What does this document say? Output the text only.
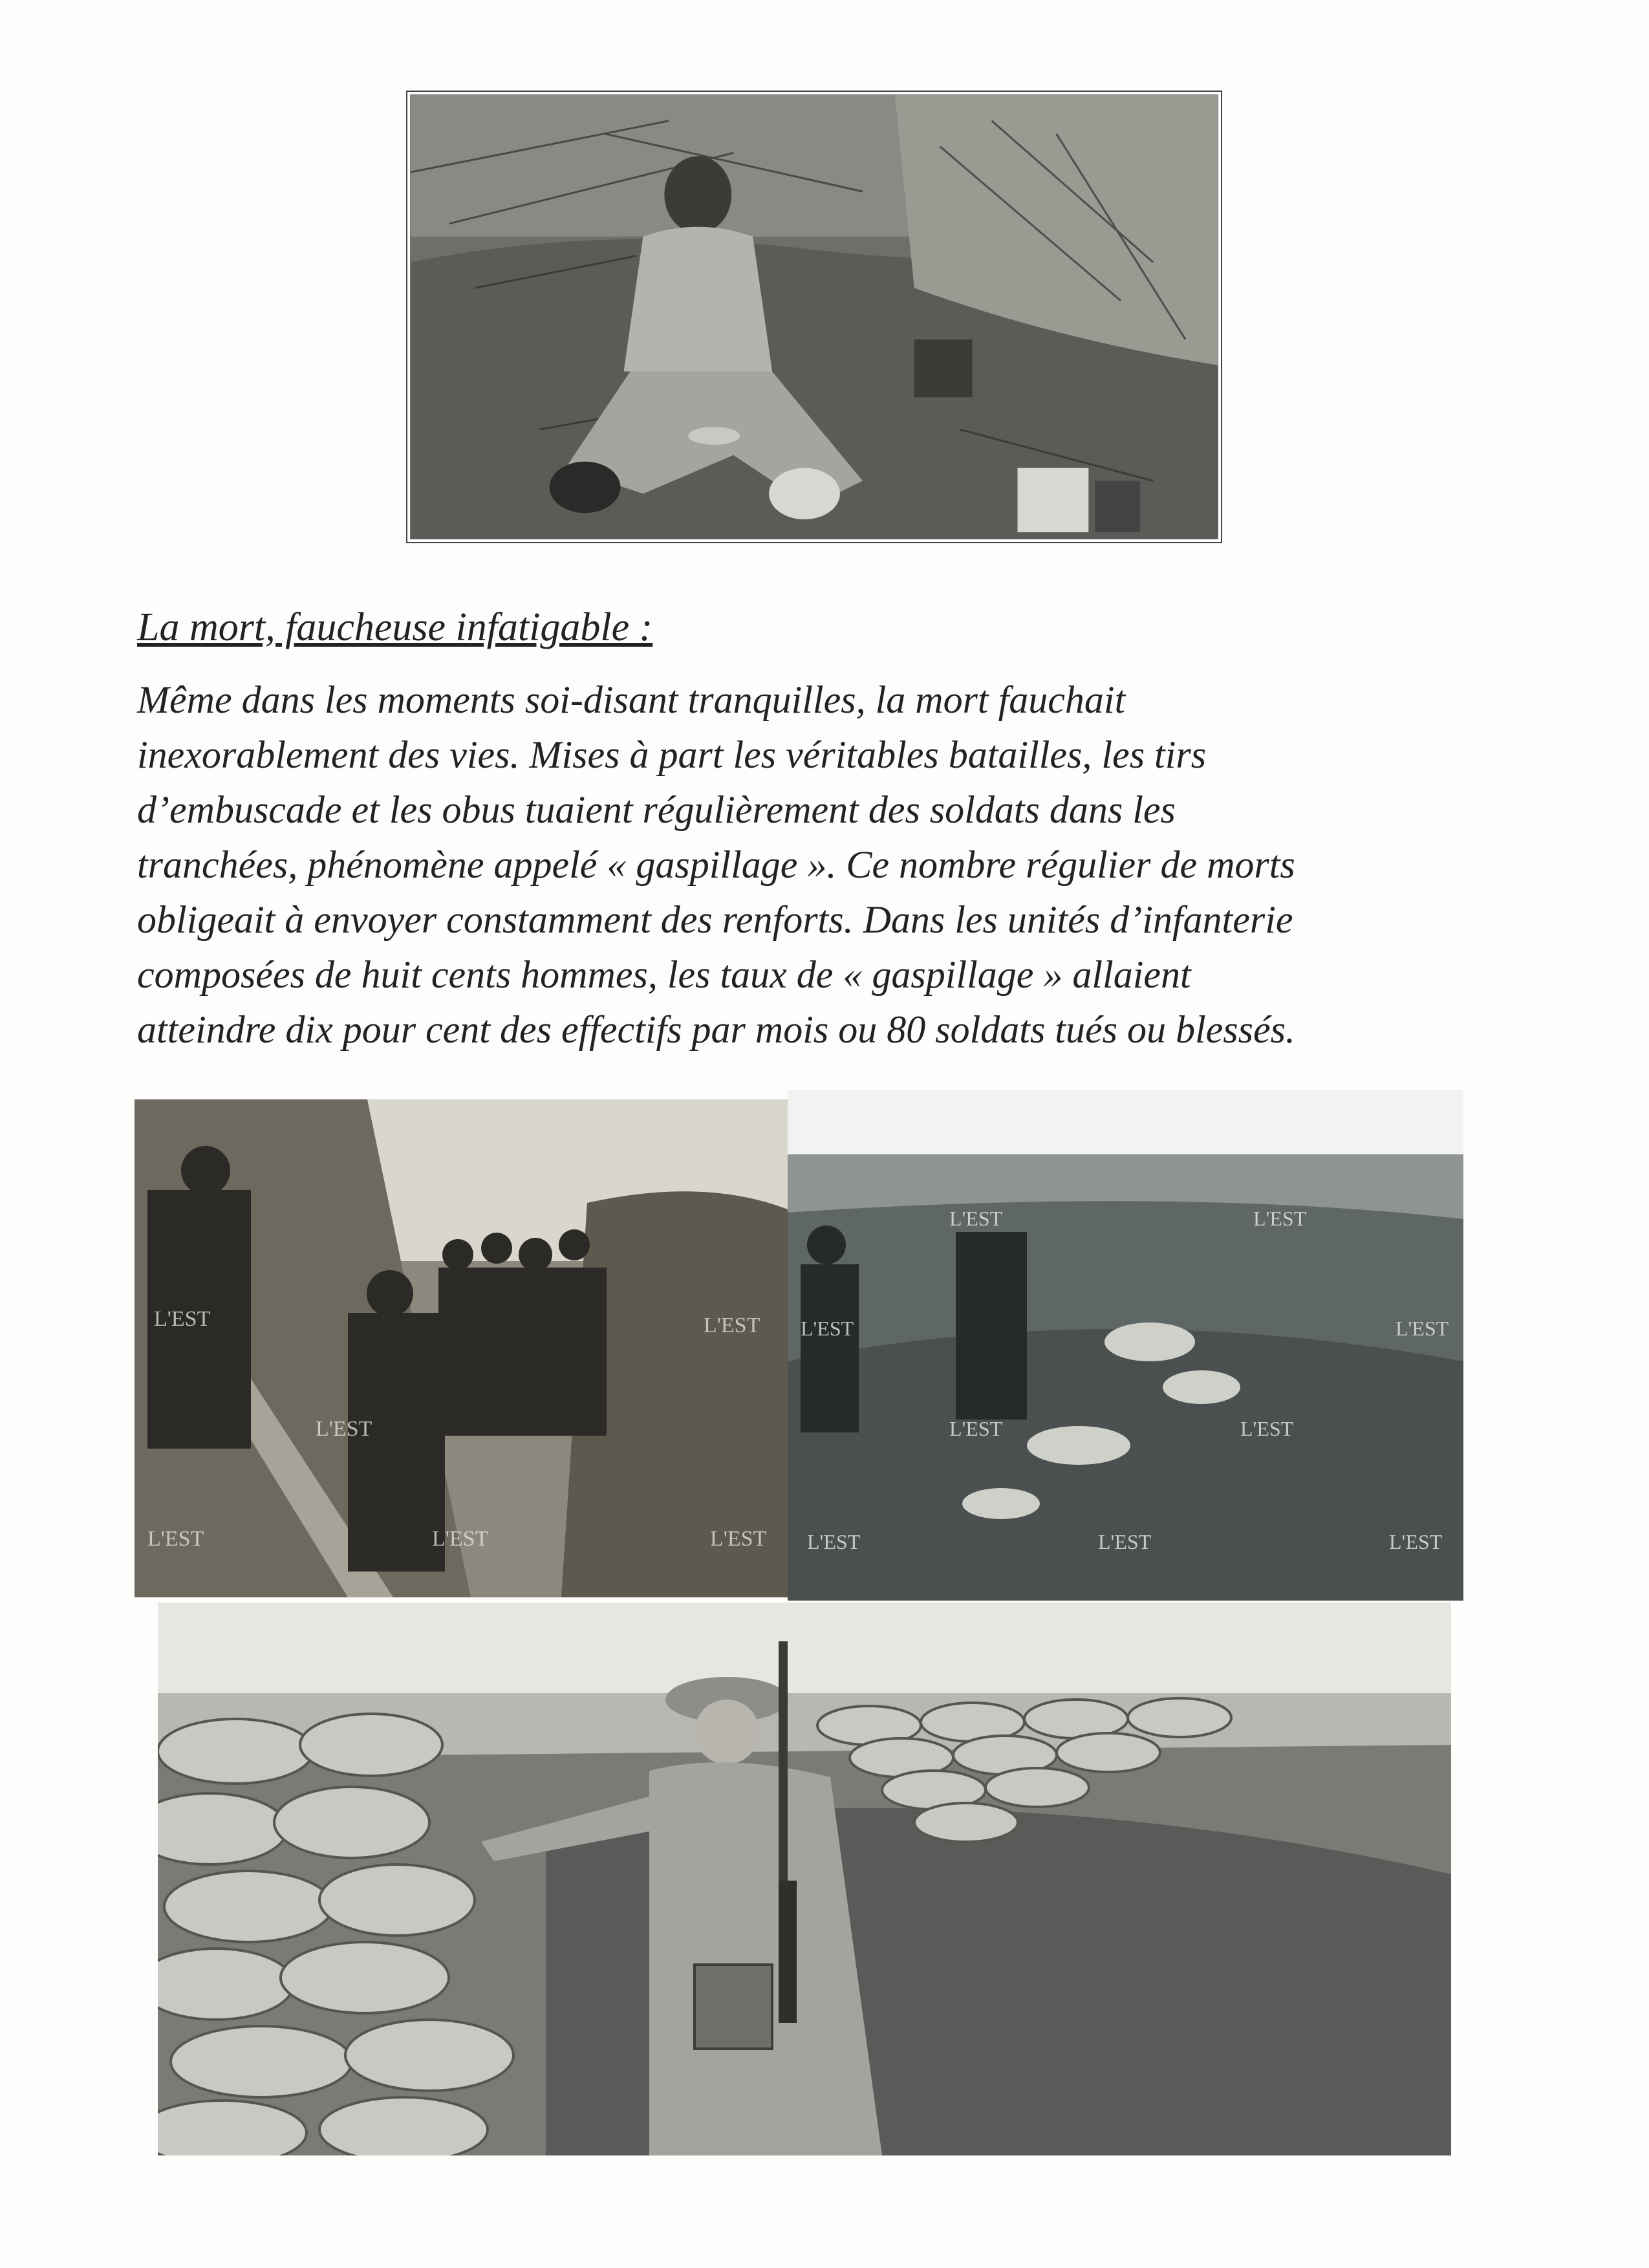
La mort, faucheuse infatigable :
Même dans les moments soi-disant tranquilles, la mort fauchait
inexorablement des vies. Mises à part les véritables batailles, les tirs
d’embuscade et les obus tuaient régulièrement des soldats dans les
tranchées, phénomène appelé « gaspillage ». Ce nombre régulier de morts
obligeait à envoyer constamment des renforts. Dans les unités d’infanterie
composées de huit cents hommes, les taux de « gaspillage » allaient
atteindre dix pour cent des effectifs par mois ou 80 soldats tués ou blessés.
L'EST
L'EST
L'EST
L'EST	L'EST	L'EST
L'EST	L'EST
L'EST	L'EST
L'EST	L'EST
L'EST	L'EST	L'EST
